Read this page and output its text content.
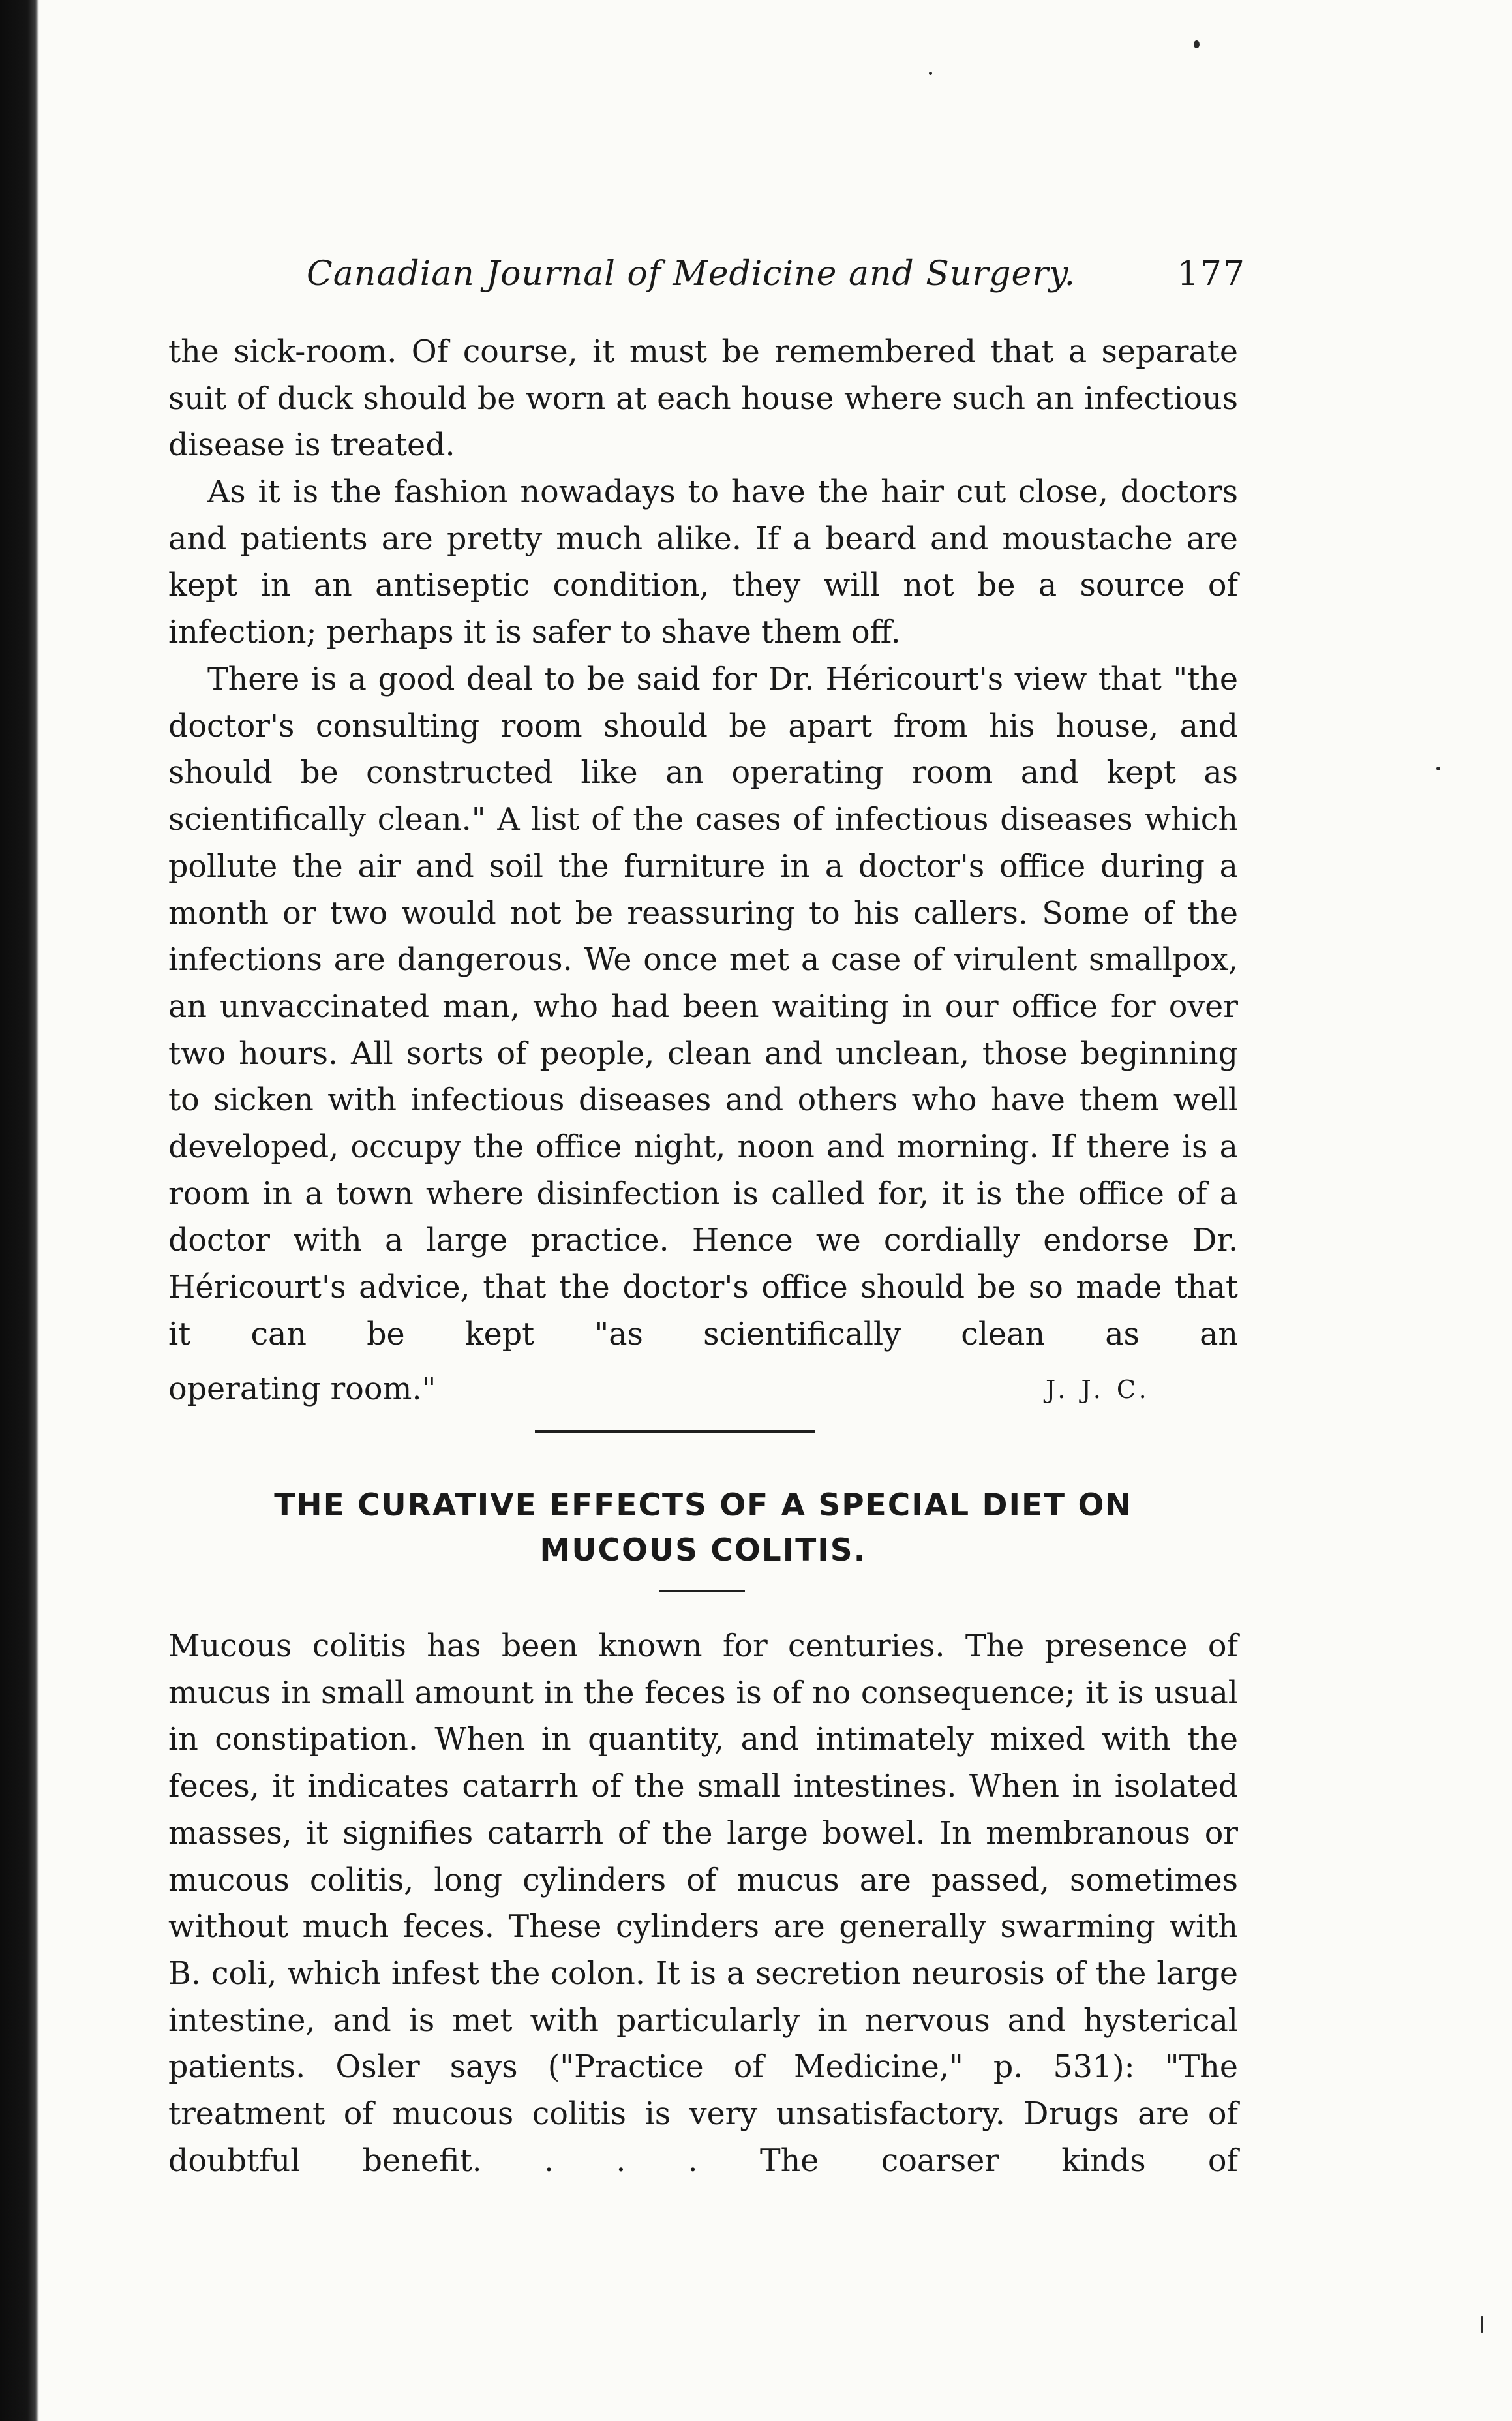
Canadian Journal of Medicine and Surgery.	177

the sick-room. Of course, it must be remembered that a separate suit of duck should be worn at each house where such an infectious disease is treated.

As it is the fashion nowadays to have the hair cut close, doctors and patients are pretty much alike. If a beard and moustache are kept in an antiseptic condition, they will not be a source of infection; perhaps it is safer to shave them off.

There is a good deal to be said for Dr. Héricourt's view that "the doctor's consulting room should be apart from his house, and should be constructed like an operating room and kept as scientifically clean." A list of the cases of infectious diseases which pollute the air and soil the furniture in a doctor's office during a month or two would not be reassuring to his callers. Some of the infections are dangerous. We once met a case of virulent smallpox, an unvaccinated man, who had been waiting in our office for over two hours. All sorts of people, clean and unclean, those beginning to sicken with infectious diseases and others who have them well developed, occupy the office night, noon and morning. If there is a room in a town where disinfection is called for, it is the office of a doctor with a large practice. Hence we cordially endorse Dr. Héricourt's advice, that the doctor's office should be so made that it can be kept "as scientifically clean as an

operating room."	J. J. C.
THE CURATIVE EFFECTS OF A SPECIAL DIET ON
MUCOUS COLITIS.

Mucous colitis has been known for centuries. The presence of mucus in small amount in the feces is of no consequence; it is usual in constipation. When in quantity, and intimately mixed with the feces, it indicates catarrh of the small intestines. When in isolated masses, it signifies catarrh of the large bowel. In membranous or mucous colitis, long cylinders of mucus are passed, sometimes without much feces. These cylinders are generally swarming with B. coli, which infest the colon. It is a secretion neurosis of the large intestine, and is met with particularly in nervous and hysterical patients. Osler says ("Practice of Medicine," p. 531): "The treatment of mucous colitis is very unsatisfactory. Drugs are of doubtful benefit. . . . The coarser kinds of
